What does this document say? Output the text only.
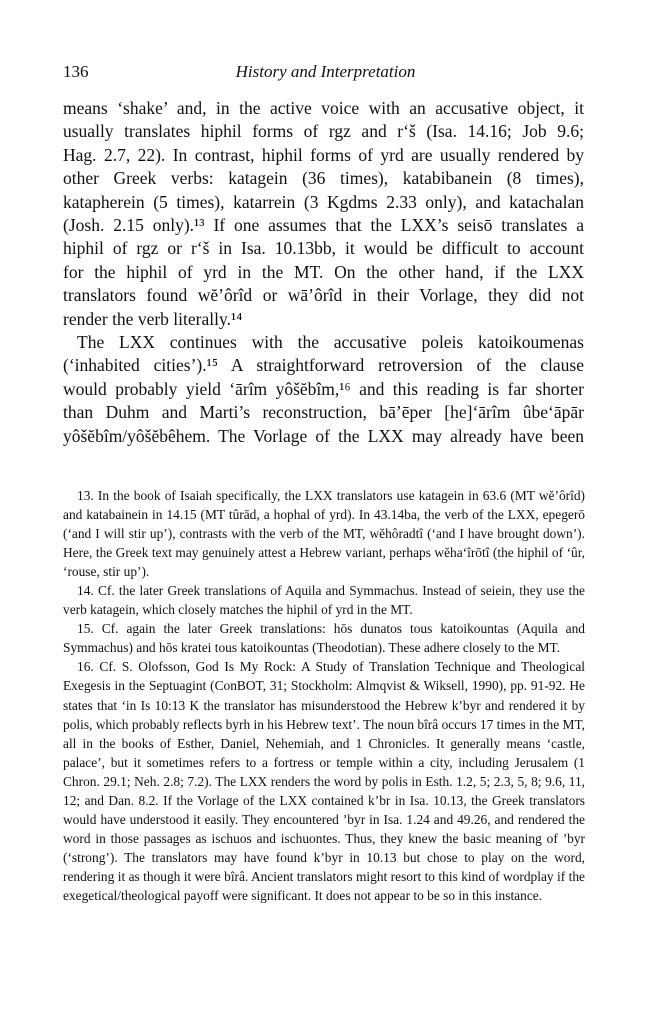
136	History and Interpretation

means ‘shake’ and, in the active voice with an accusative object, it

usually translates hiphil forms of rgz and r‘š (Isa. 14.16; Job 9.6;

Hag. 2.7, 22). In contrast, hiphil forms of yrd are usually rendered by

other Greek verbs: katagein (36 times), katabibanein (8 times),

katapherein (5 times), katarrein (3 Kgdms 2.33 only), and katachalan

(Josh. 2.15 only).¹³ If one assumes that the LXX’s seisō translates a

hiphil of rgz or r‘š in Isa. 10.13bb, it would be difficult to account

for the hiphil of yrd in the MT. On the other hand, if the LXX

translators found wĕ’ôrîd or wā’ôrîd in their Vorlage, they did not

render the verb literally.¹⁴

The LXX continues with the accusative poleis katoikoumenas

(‘inhabited cities’).¹⁵ A straightforward retroversion of the clause

would probably yield ‘ārîm yôšĕbîm,¹⁶ and this reading is far shorter

than Duhm and Marti’s reconstruction, bā’ēper [he]‘ārîm ûbe‘āpār

yôšĕbîm/yôšĕbêhem. The Vorlage of the LXX may already have been

13. In the book of Isaiah specifically, the LXX translators use katagein in 63.6 (MT wĕ’ôrîd) and katabainein in 14.15 (MT tûrād, a hophal of yrd). In 43.14ba, the verb of the LXX, epegerō (‘and I will stir up’), contrasts with the verb of the MT, wĕhôradtî (‘and I have brought down’). Here, the Greek text may genuinely attest a Hebrew variant, perhaps wĕha‘îrōtî (the hiphil of ‘ûr, ‘rouse, stir up’).

14. Cf. the later Greek translations of Aquila and Symmachus. Instead of seiein, they use the verb katagein, which closely matches the hiphil of yrd in the MT.

15. Cf. again the later Greek translations: hōs dunatos tous katoikountas (Aquila and Symmachus) and hōs kratei tous katoikountas (Theodotian). These adhere closely to the MT.

16. Cf. S. Olofsson, God Is My Rock: A Study of Translation Technique and Theological Exegesis in the Septuagint (ConBOT, 31; Stockholm: Almqvist & Wiksell, 1990), pp. 91-92. He states that ‘in Is 10:13 K the translator has misunderstood the Hebrew k’byr and rendered it by polis, which probably reflects byrh in his Hebrew text’. The noun bîrâ occurs 17 times in the MT, all in the books of Esther, Daniel, Nehemiah, and 1 Chronicles. It generally means ‘castle, palace’, but it sometimes refers to a fortress or temple within a city, including Jerusalem (1 Chron. 29.1; Neh. 2.8; 7.2). The LXX renders the word by polis in Esth. 1.2, 5; 2.3, 5, 8; 9.6, 11, 12; and Dan. 8.2. If the Vorlage of the LXX contained k’br in Isa. 10.13, the Greek translators would have understood it easily. They encountered ’byr in Isa. 1.24 and 49.26, and rendered the word in those passages as ischuos and ischuontes. Thus, they knew the basic meaning of ’byr (‘strong’). The translators may have found k’byr in 10.13 but chose to play on the word, rendering it as though it were bîrâ. Ancient translators might resort to this kind of wordplay if the exegetical/theological payoff were significant. It does not appear to be so in this instance.
